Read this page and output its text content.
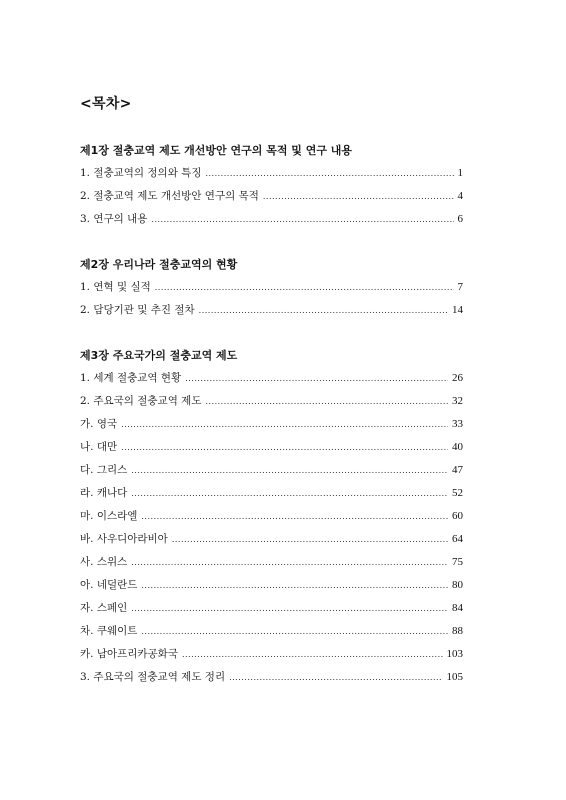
<목차>
제1장 절충교역 제도 개선방안 연구의 목적 및 연구 내용
1. 절충교역의 정의와 특징 .....	1
2. 절충교역 제도 개선방안 연구의 목적 .....	4
3. 연구의 내용 .....	6
제2장 우리나라 절충교역의 현황
1. 연혁 및 실적 .....	7
2. 담당기관 및 추진 절차 .....	14
제3장 주요국가의 절충교역 제도
1. 세계 절충교역 현황 .....	26
2. 주요국의 절충교역 제도 .....	32
가. 영국 .....	33
나. 대만 .....	40
다. 그리스 .....	47
라. 캐나다 .....	52
마. 이스라엘 .....	60
바. 사우디아라비아 .....	64
사. 스위스 .....	75
아. 네덜란드 .....	80
자. 스페인 .....	84
차. 쿠웨이트 .....	88
카. 남아프리카공화국 .....	103
3. 주요국의 절충교역 제도 정리 .....	105
